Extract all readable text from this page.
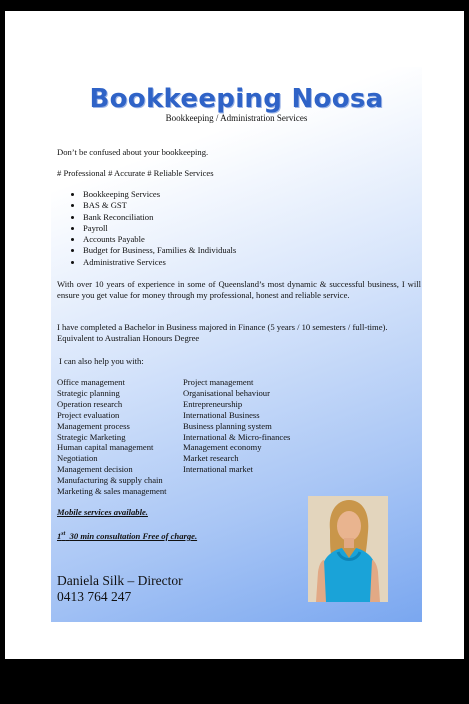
Bookkeeping Noosa
Bookkeeping / Administration Services
Don’t be confused about your bookkeeping.
# Professional # Accurate # Reliable Services
• Bookkeeping Services
• BAS & GST
• Bank Reconciliation
• Payroll
• Accounts Payable
• Budget for Business, Families & Individuals
• Administrative Services
With over 10 years of experience in some of Queensland’s most dynamic & successful business, I will ensure you get value for money through my professional, honest and reliable service.
I have completed a Bachelor in Business majored in Finance (5 years / 10 semesters / full-time). Equivalent to Australian Honours Degree
I can also help you with:
Office management	Project management
Strategic planning	Organisational behaviour
Operation research	Entrepreneurship
Project evaluation	International Business
Management process	Business planning system
Strategic Marketing	International & Micro-finances
Human capital management	Management economy
Negotiation	Market research
Management decision	International market
Manufacturing & supply chain
Marketing & sales management
Mobile services available.
1st 30 min consultation Free of charge.
Daniela Silk – Director
0413 764 247
